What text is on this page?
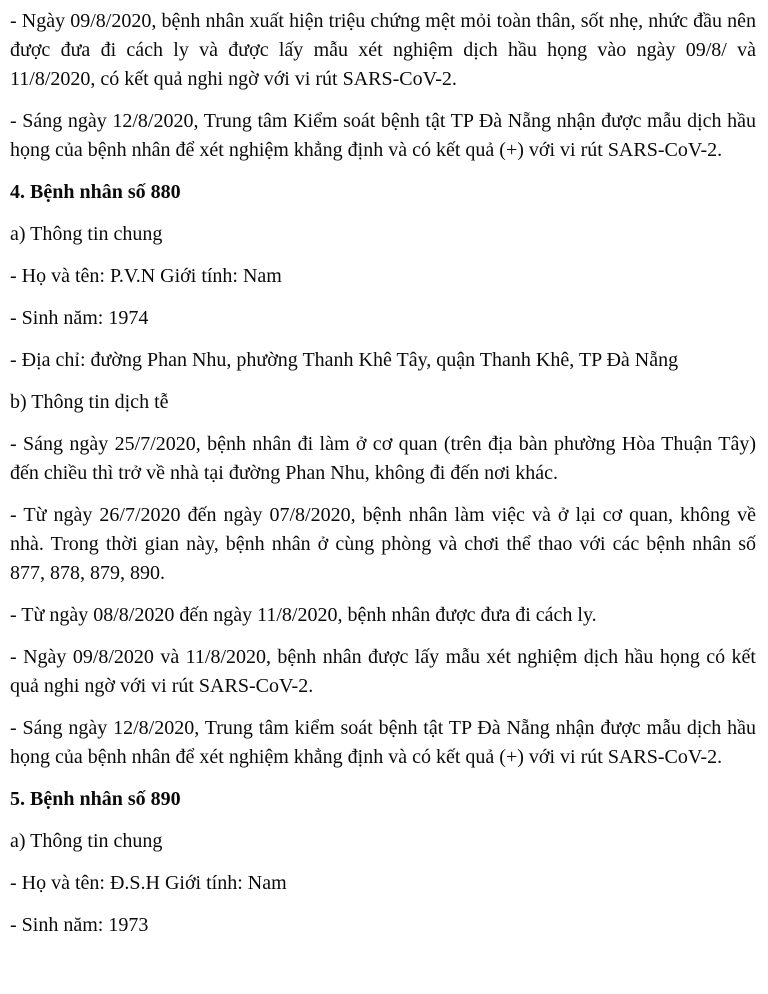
- Ngày 09/8/2020, bệnh nhân xuất hiện triệu chứng mệt mỏi toàn thân, sốt nhẹ, nhức đầu nên được đưa đi cách ly và được lấy mẫu xét nghiệm dịch hầu họng vào ngày 09/8/ và 11/8/2020, có kết quả nghi ngờ với vi rút SARS-CoV-2.

- Sáng ngày 12/8/2020, Trung tâm Kiểm soát bệnh tật TP Đà Nẵng nhận được mẫu dịch hầu họng của bệnh nhân để xét nghiệm khẳng định và có kết quả (+) với vi rút SARS-CoV-2.

4. Bệnh nhân số 880

a) Thông tin chung

- Họ và tên: P.V.N Giới tính: Nam

- Sinh năm: 1974

- Địa chỉ: đường Phan Nhu, phường Thanh Khê Tây, quận Thanh Khê, TP Đà Nẵng

b) Thông tin dịch tễ

- Sáng ngày 25/7/2020, bệnh nhân đi làm ở cơ quan (trên địa bàn phường Hòa Thuận Tây) đến chiều thì trở về nhà tại đường Phan Nhu, không đi đến nơi khác.

- Từ ngày 26/7/2020 đến ngày 07/8/2020, bệnh nhân làm việc và ở lại cơ quan, không về nhà. Trong thời gian này, bệnh nhân ở cùng phòng và chơi thể thao với các bệnh nhân số 877, 878, 879, 890.

- Từ ngày 08/8/2020 đến ngày 11/8/2020, bệnh nhân được đưa đi cách ly.

- Ngày 09/8/2020 và 11/8/2020, bệnh nhân được lấy mẫu xét nghiệm dịch hầu họng có kết quả nghi ngờ với vi rút SARS-CoV-2.

- Sáng ngày 12/8/2020, Trung tâm kiểm soát bệnh tật TP Đà Nẵng nhận được mẫu dịch hầu họng của bệnh nhân để xét nghiệm khẳng định và có kết quả (+) với vi rút SARS-CoV-2.

5. Bệnh nhân số 890

a) Thông tin chung

- Họ và tên: Đ.S.H Giới tính: Nam

- Sinh năm: 1973
